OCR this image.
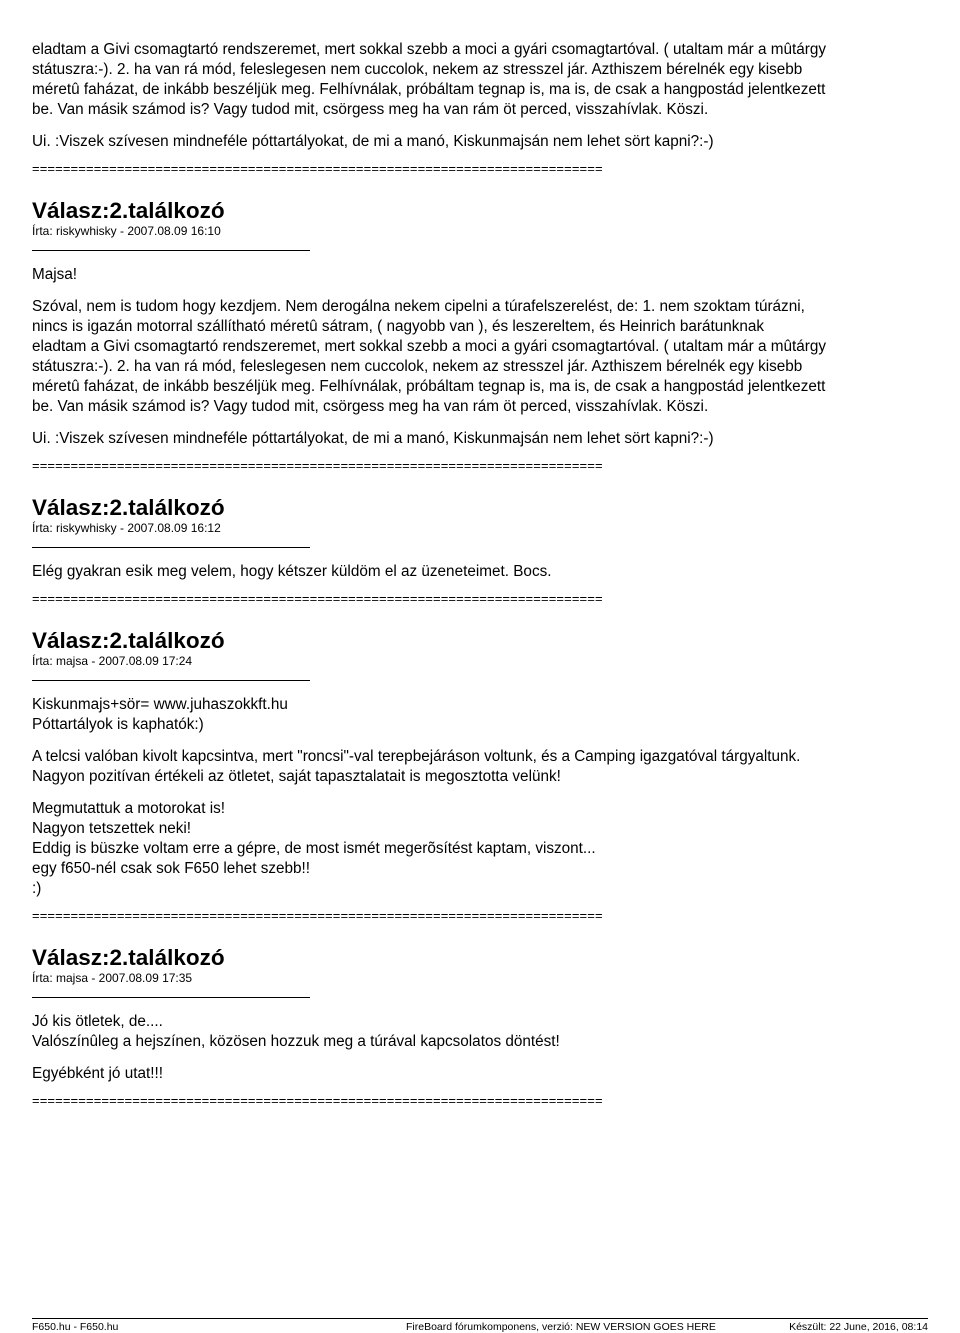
eladtam a Givi csomagtartó rendszeremet, mert sokkal szebb a moci a gyári csomagtartóval. ( utaltam már a mûtárgy

státuszra:-). 2. ha van rá mód, feleslegesen nem cuccolok, nekem az stresszel jár. Azthiszem bérelnék egy kisebb

méretû faházat, de inkább beszéljük meg. Felhívnálak, próbáltam tegnap is, ma is, de csak a hangpostád jelentkezett

be. Van másik számod is? Vagy tudod mit, csörgess meg ha van rám öt perced, visszahívlak. Köszi.

Ui. :Viszek szívesen mindneféle póttartályokat, de mi a manó, Kiskunmajsán nem lehet sört kapni?:-)

==========================================================================
Válasz:2.találkozó
Írta: riskywhisky - 2007.08.09 16:10

Majsa!

Szóval, nem is tudom hogy kezdjem. Nem derogálna nekem cipelni a túrafelszerelést, de: 1. nem szoktam túrázni,

nincs is igazán motorral szállítható méretû sátram, ( nagyobb van ), és leszereltem, és Heinrich barátunknak

eladtam a Givi csomagtartó rendszeremet, mert sokkal szebb a moci a gyári csomagtartóval. ( utaltam már a mûtárgy

státuszra:-). 2. ha van rá mód, feleslegesen nem cuccolok, nekem az stresszel jár. Azthiszem bérelnék egy kisebb

méretû faházat, de inkább beszéljük meg. Felhívnálak, próbáltam tegnap is, ma is, de csak a hangpostád jelentkezett

be. Van másik számod is? Vagy tudod mit, csörgess meg ha van rám öt perced, visszahívlak. Köszi.

Ui. :Viszek szívesen mindneféle póttartályokat, de mi a manó, Kiskunmajsán nem lehet sört kapni?:-)

==========================================================================
Válasz:2.találkozó
Írta: riskywhisky - 2007.08.09 16:12

Elég gyakran esik meg velem, hogy kétszer küldöm el az üzeneteimet. Bocs.

==========================================================================
Válasz:2.találkozó
Írta: majsa - 2007.08.09 17:24

Kiskunmajs+sör= www.juhaszokkft.hu

Póttartályok is kaphatók:)

A telcsi valóban kivolt kapcsintva, mert "roncsi"-val terepbejáráson voltunk, és a Camping igazgatóval tárgyaltunk.

Nagyon pozitívan értékeli az ötletet, saját tapasztalatait is megosztotta velünk!

Megmutattuk a motorokat is!

Nagyon tetszettek neki!

Eddig is büszke voltam erre a gépre, de most ismét megerõsítést kaptam, viszont...

egy f650-nél csak sok F650 lehet szebb!!

:)

==========================================================================
Válasz:2.találkozó
Írta: majsa - 2007.08.09 17:35

Jó kis ötletek, de....

Valószínûleg a hejszínen, közösen hozzuk meg a túrával kapcsolatos döntést!

Egyébként jó utat!!!

==========================================================================
F650.hu - F650.hu	FireBoard fórumkomponens, verzió: NEW VERSION GOES HERE	Készült: 22 June, 2016, 08:14
